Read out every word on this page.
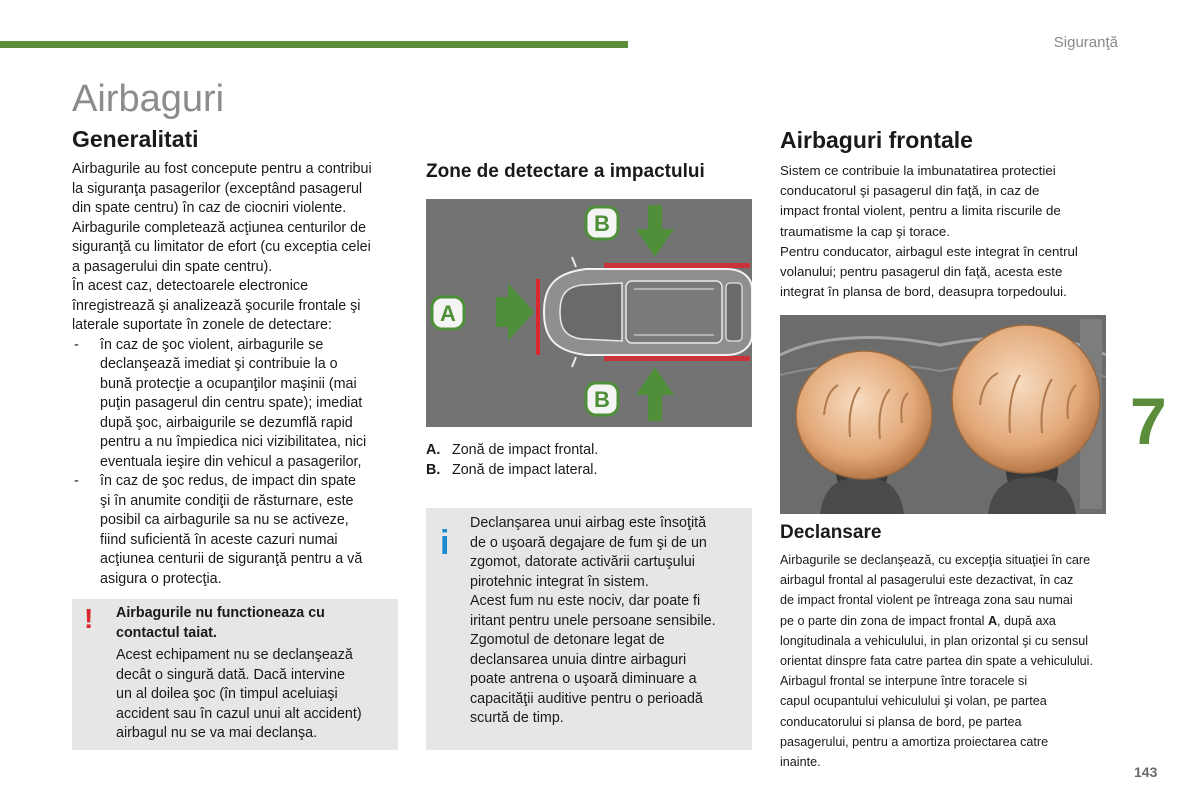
Siguranţă
Airbaguri
Generalitati

Airbagurile au fost concepute pentru a contribui

la siguranţa pasagerilor (exceptând pasagerul

din spate centru) în caz de ciocniri violente.

Airbagurile completează acţiunea centurilor de

siguranţă cu limitator de efort (cu exceptia celei

a pasagerului din spate centru).

În acest caz, detectoarele electronice

înregistrează şi analizează şocurile frontale şi

laterale suportate în zonele de detectare:

- în caz de şoc violent, airbagurile se

declanşează imediat şi contribuie la o

bună protecţie a ocupanţilor maşinii (mai

puţin pasagerul din centru spate); imediat

după şoc, airbaigurile se dezumflă rapid

pentru a nu împiedica nici vizibilitatea, nici

eventuala ieşire din vehicul a pasagerilor,

- în caz de şoc redus, de impact din spate

şi în anumite condiţii de răsturnare, este

posibil ca airbagurile sa nu se activeze,

fiind suficientă în aceste cazuri numai

acţiunea centurii de siguranţă pentru a vă

asigura o protecţia.

! Airbagurile nu functioneaza cu

contactul taiat.

Acest echipament nu se declanşează

decât o singură dată. Dacă intervine

un al doilea şoc (în timpul aceluiaşi

accident sau în cazul unui alt accident)

airbagul nu se va mai declanşa.

Zone de detectare a impactului
A
B
B
A. Zonă de impact frontal.
B. Zonă de impact lateral.
i

Declanşarea unui airbag este însoţită

de o uşoară degajare de fum şi de un

zgomot, datorate activării cartuşului

pirotehnic integrat în sistem.

Acest fum nu este nociv, dar poate fi

iritant pentru unele persoane sensibile.

Zgomotul de detonare legat de

declansarea unuia dintre airbaguri

poate antrena o uşoară diminuare a

capacităţii auditive pentru o perioadă

scurtă de timp.

Airbaguri frontale

Sistem ce contribuie la imbunatatirea protectiei

conducatorul şi pasagerul din faţă, in caz de

impact frontal violent, pentru a limita riscurile de

traumatisme la cap şi torace.

Pentru conducator, airbagul este integrat în centrul

volanului; pentru pasagerul din faţă, acesta este

integrat în plansa de bord, deasupra torpedoului.

Declansare

Airbagurile se declanşează, cu excepţia situaţiei în care

airbagul frontal al pasagerului este dezactivat, în caz

de impact frontal violent pe întreaga zona sau numai

pe o parte din zona de impact frontal A, după axa

longitudinala a vehiculului, in plan orizontal şi cu sensul

orientat dinspre fata catre partea din spate a vehiculului.

Airbagul frontal se interpune între toracele si

capul ocupantului vehiculului şi volan, pe partea

conducatorului si plansa de bord, pe partea

pasagerului, pentru a amortiza proiectarea catre

inainte.

7
143
